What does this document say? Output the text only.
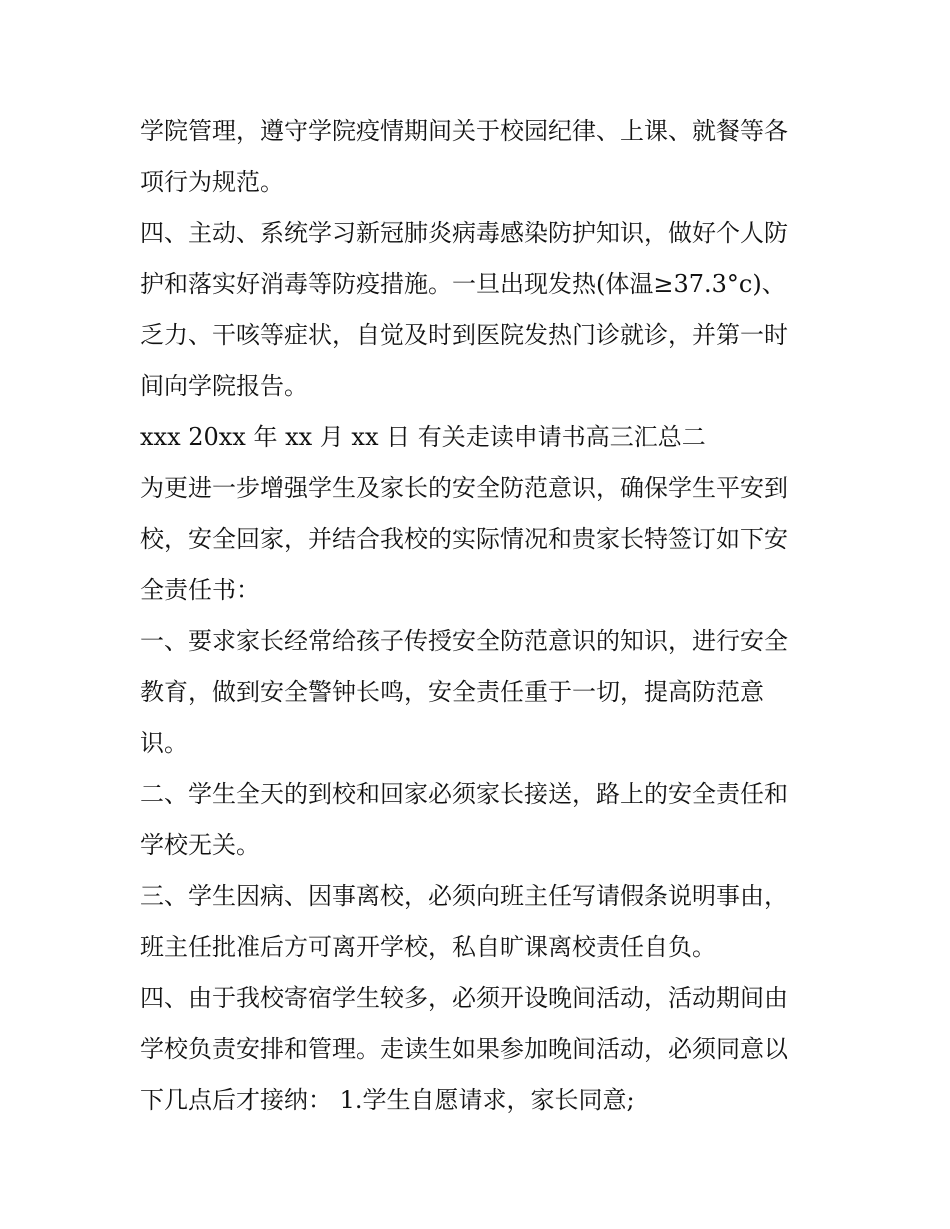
学院管理，遵守学院疫情期间关于校园纪律、上课、就餐等各

项行为规范。

四、主动、系统学习新冠肺炎病毒感染防护知识，做好个人防

护和落实好消毒等防疫措施。一旦出现发热(体温≥37.3°c)、

乏力、干咳等症状，自觉及时到医院发热门诊就诊，并第一时

间向学院报告。

xxx 20xx 年 xx 月 xx 日 有关走读申请书高三汇总二

为更进一步增强学生及家长的安全防范意识，确保学生平安到

校，安全回家，并结合我校的实际情况和贵家长特签订如下安

全责任书：

一、要求家长经常给孩子传授安全防范意识的知识，进行安全

教育，做到安全警钟长鸣，安全责任重于一切，提高防范意

识。

二、学生全天的到校和回家必须家长接送，路上的安全责任和

学校无关。

三、学生因病、因事离校，必须向班主任写请假条说明事由，

班主任批准后方可离开学校，私自旷课离校责任自负。

四、由于我校寄宿学生较多，必须开设晚间活动，活动期间由

学校负责安排和管理。走读生如果参加晚间活动，必须同意以

下几点后才接纳： 1.学生自愿请求，家长同意;
